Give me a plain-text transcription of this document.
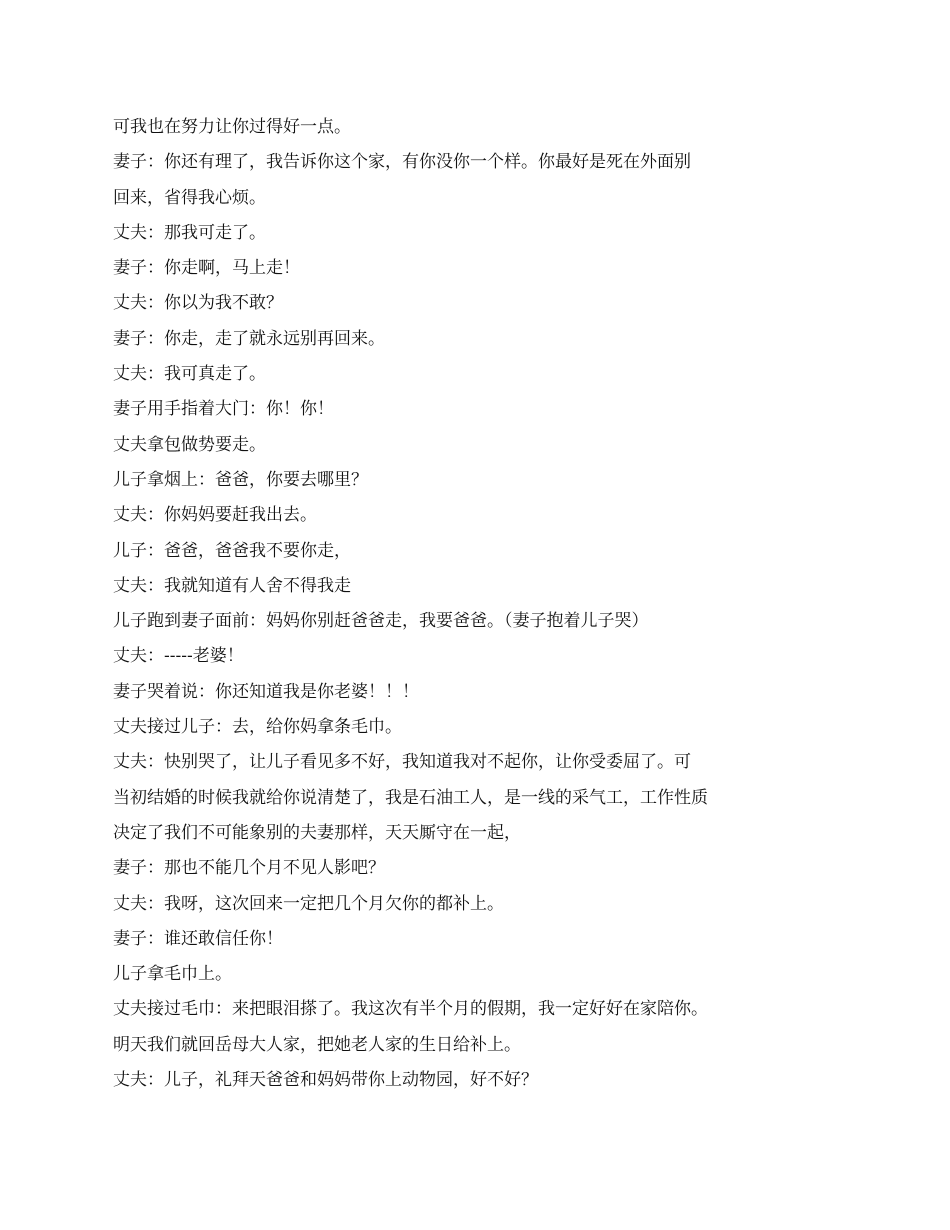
可我也在努力让你过得好一点。
妻子：你还有理了，我告诉你这个家，有你没你一个样。你最好是死在外面别
回来，省得我心烦。
丈夫：那我可走了。
妻子：你走啊，马上走！
丈夫：你以为我不敢？
妻子：你走，走了就永远别再回来。
丈夫：我可真走了。
妻子用手指着大门：你！你！
丈夫拿包做势要走。
儿子拿烟上：爸爸，你要去哪里？
丈夫：你妈妈要赶我出去。
儿子：爸爸，爸爸我不要你走，
丈夫：我就知道有人舍不得我走
儿子跑到妻子面前：妈妈你别赶爸爸走，我要爸爸。（妻子抱着儿子哭）
丈夫：-----老婆！
妻子哭着说：你还知道我是你老婆！！！
丈夫接过儿子：去，给你妈拿条毛巾。
丈夫：快别哭了，让儿子看见多不好，我知道我对不起你，让你受委屈了。可
当初结婚的时候我就给你说清楚了，我是石油工人，是一线的采气工，工作性质
决定了我们不可能象别的夫妻那样，天天厮守在一起，
妻子：那也不能几个月不见人影吧？
丈夫：我呀，这次回来一定把几个月欠你的都补上。
妻子：谁还敢信任你！
儿子拿毛巾上。
丈夫接过毛巾：来把眼泪搽了。我这次有半个月的假期，我一定好好在家陪你。
明天我们就回岳母大人家，把她老人家的生日给补上。
丈夫：儿子，礼拜天爸爸和妈妈带你上动物园，好不好？
